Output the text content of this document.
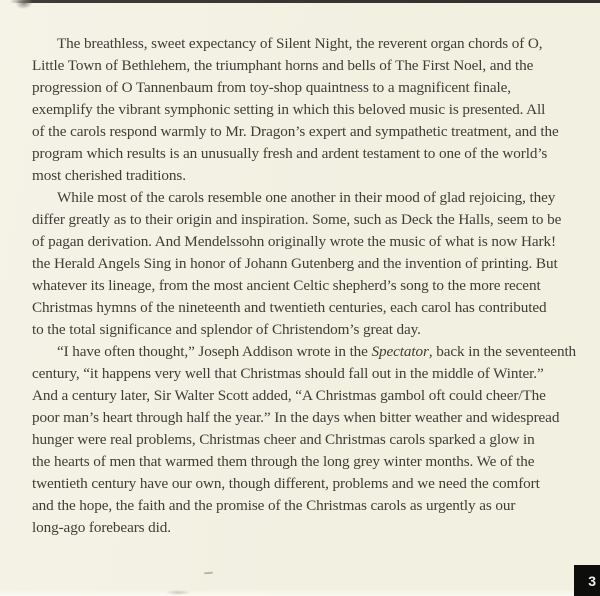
The breathless, sweet expectancy of Silent Night, the reverent organ chords of O,
Little Town of Bethlehem, the triumphant horns and bells of The First Noel, and the
progression of O Tannenbaum from toy-shop quaintness to a magnificent finale,
exemplify the vibrant symphonic setting in which this beloved music is presented. All
of the carols respond warmly to Mr. Dragon’s expert and sympathetic treatment, and the
program which results is an unusually fresh and ardent testament to one of the world’s
most cherished traditions.
While most of the carols resemble one another in their mood of glad rejoicing, they
differ greatly as to their origin and inspiration. Some, such as Deck the Halls, seem to be
of pagan derivation. And Mendelssohn originally wrote the music of what is now Hark!
the Herald Angels Sing in honor of Johann Gutenberg and the invention of printing. But
whatever its lineage, from the most ancient Celtic shepherd’s song to the more recent
Christmas hymns of the nineteenth and twentieth centuries, each carol has contributed
to the total significance and splendor of Christendom’s great day.
“I have often thought,” Joseph Addison wrote in the Spectator, back in the seventeenth
century, “it happens very well that Christmas should fall out in the middle of Winter.”
And a century later, Sir Walter Scott added, “A Christmas gambol oft could cheer/The
poor man’s heart through half the year.” In the days when bitter weather and widespread
hunger were real problems, Christmas cheer and Christmas carols sparked a glow in
the hearts of men that warmed them through the long grey winter months. We of the
twentieth century have our own, though different, problems and we need the comfort
and the hope, the faith and the promise of the Christmas carols as urgently as our
long-ago forebears did.
3
